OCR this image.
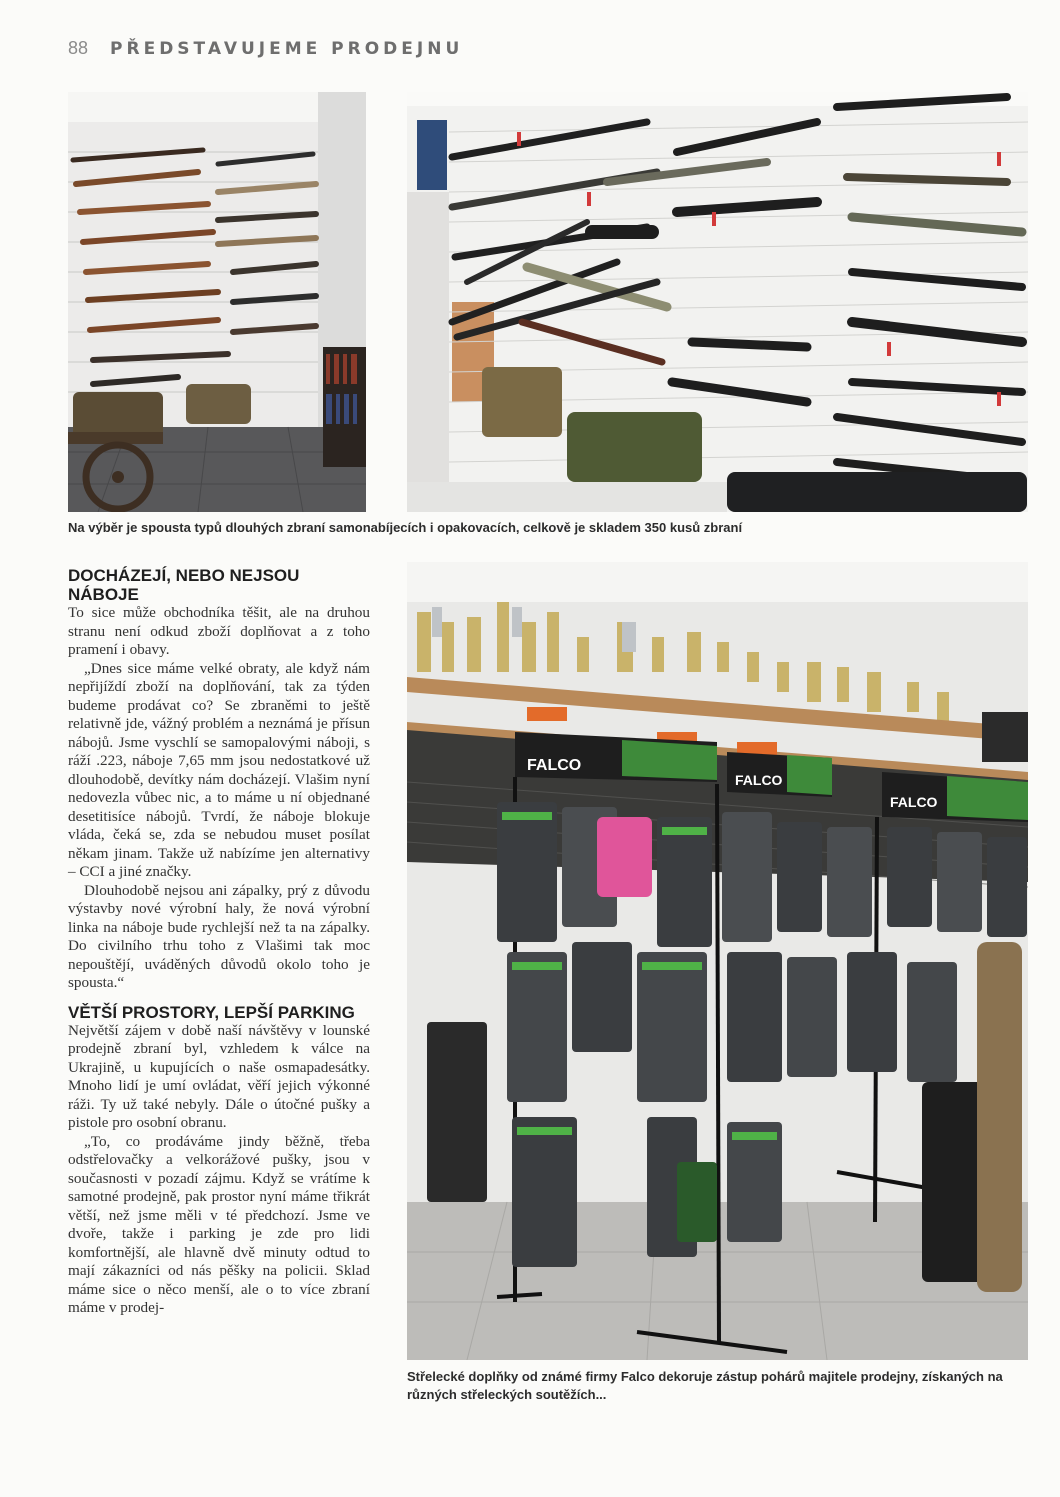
88 PŘEDSTAVUJEME PRODEJNU
Na výběr je spousta typů dlouhých zbraní samonabíjecích i opakovacích, celkově je skladem 350 kusů zbraní
DOCHÁZEJÍ, NEBO NEJSOU NÁBOJE

To sice může obchodníka těšit, ale na druhou stranu není odkud zboží doplňovat a z toho pramení i obavy.

„Dnes sice máme velké obraty, ale když nám nepřijíždí zboží na doplňování, tak za týden budeme prodávat co? Se zbraněmi to ještě relativně jde, vážný problém a neznámá je přísun nábojů. Jsme vyschlí se samopalovými náboji, s ráží .223, náboje 7,65 mm jsou nedostatkové už dlouhodobě, devítky nám docházejí. Vlašim nyní nedovezla vůbec nic, a to máme u ní objednané desetitisíce nábojů. Tvrdí, že náboje blokuje vláda, čeká se, zda se nebudou muset posílat někam jinam. Takže už nabízíme jen alternativy – CCI a jiné značky.

Dlouhodobě nejsou ani zápalky, prý z důvodu výstavby nové výrobní haly, že nová výrobní linka na náboje bude rychlejší než ta na zápalky. Do civilního trhu toho z Vlašimi tak moc nepouštějí, uváděných důvodů okolo toho je spousta.“

VĚTŠÍ PROSTORY, LEPŠÍ PARKING

Největší zájem v době naší návštěvy v lounské prodejně zbraní byl, vzhledem k válce na Ukrajině, u kupujících o naše osmapadesátky. Mnoho lidí je umí ovládat, věří jejich výkonné ráži. Ty už také nebyly. Dále o útočné pušky a pistole pro osobní obranu.

„To, co prodáváme jindy běžně, třeba odstřelovačky a velkorážové pušky, jsou v současnosti v pozadí zájmu. Když se vrátíme k samotné prodejně, pak prostor nyní máme třikrát větší, než jsme měli v té předchozí. Jsme ve dvoře, takže i parking je zde pro lidi komfortnější, ale hlavně dvě minuty odtud to mají zákazníci od nás pěšky na policii. Sklad máme sice o něco menší, ale o to více zbraní máme v prodej-

FALCO
FALCO
FALCO
Střelecké doplňky od známé firmy Falco dekoruje zástup pohárů majitele prodejny, získaných na různých střeleckých soutěžích...
